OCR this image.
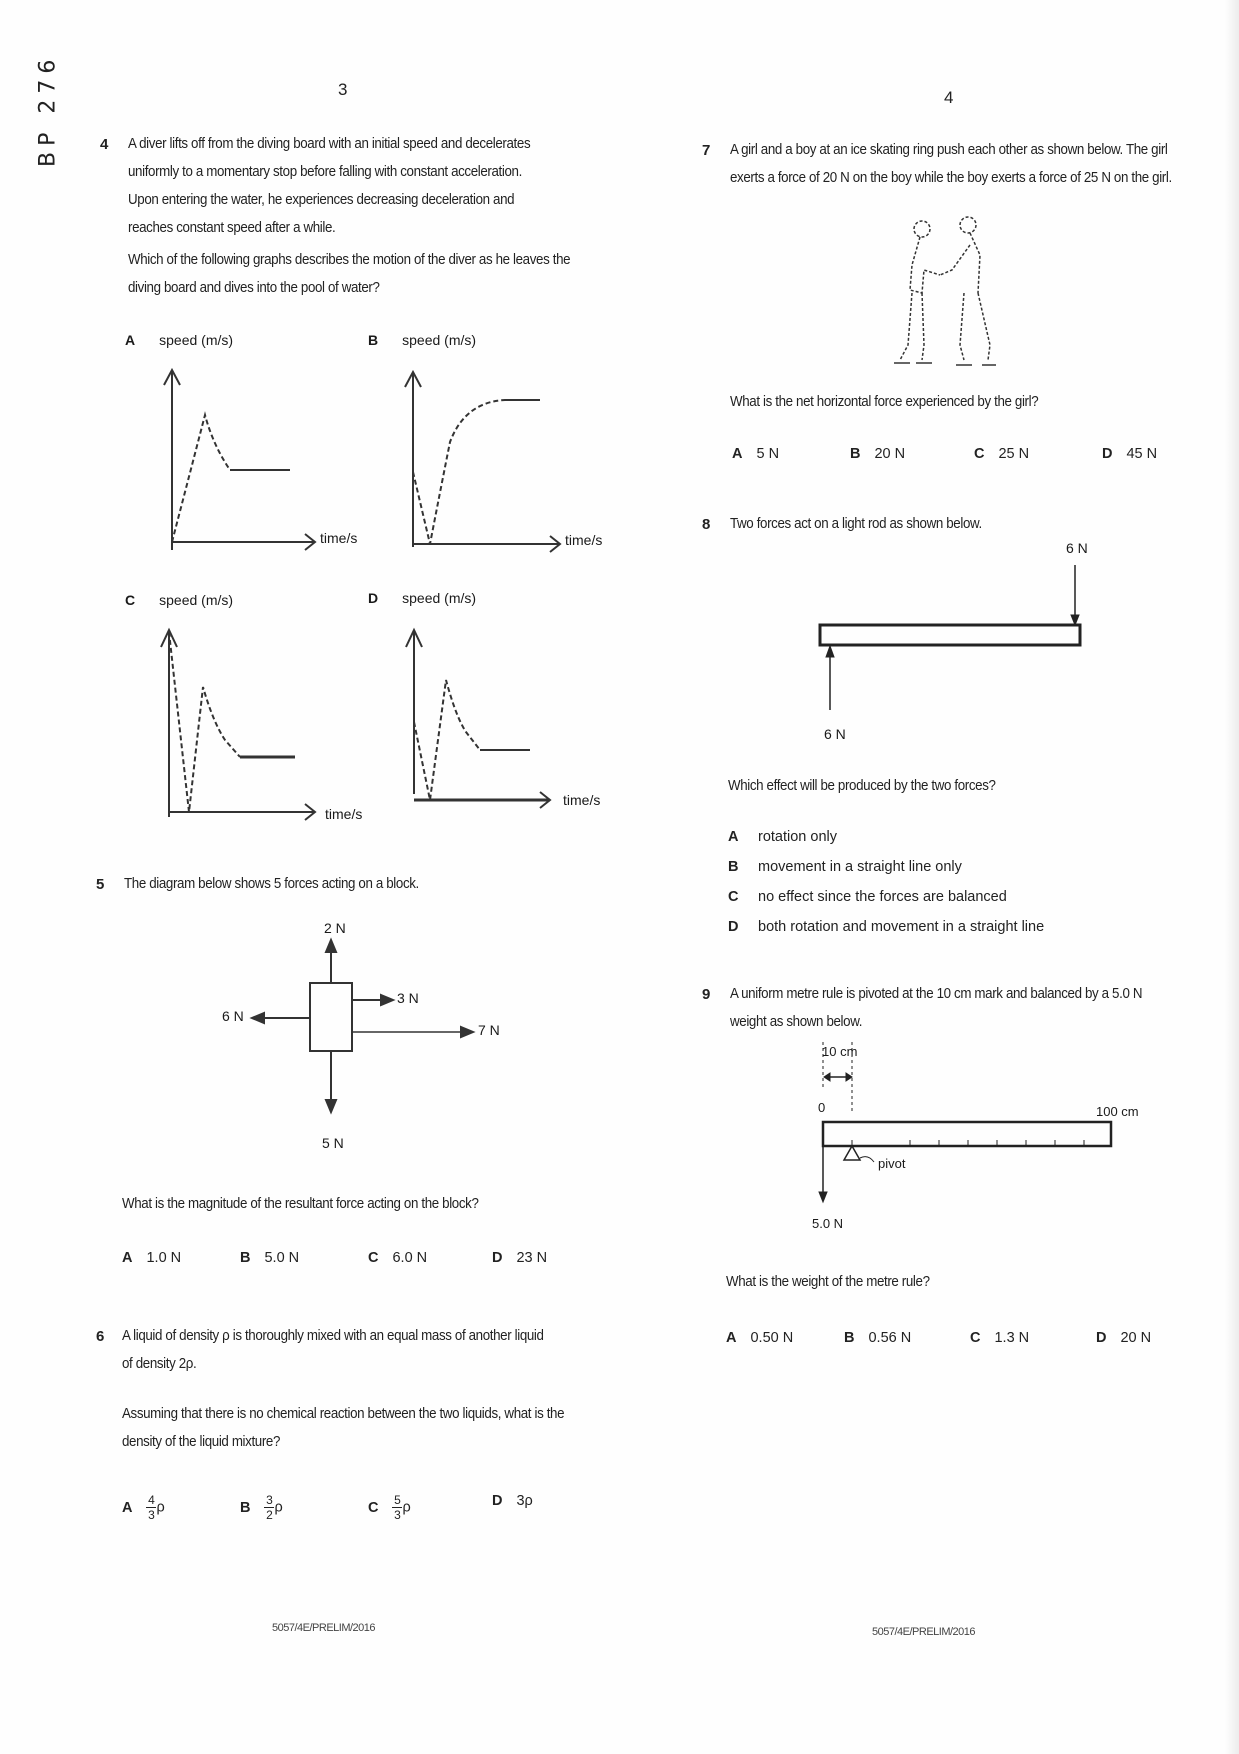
BP 276	3	4
4 A diver lifts off from the diving board with an initial speed and decelerates uniformly to a momentary stop before falling with constant acceleration. Upon entering the water, he experiences decreasing deceleration and reaches constant speed after a while.
Which of the following graphs describes the motion of the diver as he leaves the diving board and dives into the pool of water?
A speed (m/s)
time/s
B speed (m/s)
time/s
C speed (m/s)
time/s
D speed (m/s)
time/s
5 The diagram below shows 5 forces acting on a block.
2 N
5 N
6 N
3 N
7 N
What is the magnitude of the resultant force acting on the block?
A 1.0 N	B 5.0 N	C 6.0 N	D 23 N
6 A liquid of density ρ is thoroughly mixed with an equal mass of another liquid of density 2ρ.
Assuming that there is no chemical reaction between the two liquids, what is the density of the liquid mixture?
A $\frac{4}{3}$ ρ	B $\frac{3}{2}$ ρ	C $\frac{5}{3}$ ρ	D 3ρ
5057/4E/PRELIM/2016
7 A girl and a boy at an ice skating ring push each other as shown below. The girl exerts a force of 20 N on the boy while the boy exerts a force of 25 N on the girl.
What is the net horizontal force experienced by the girl?
A 5 N	B 20 N	C 25 N	D 45 N
8 Two forces act on a light rod as shown below.
6 N
6 N
Which effect will be produced by the two forces?
A	rotation only
B	movement in a straight line only
C	no effect since the forces are balanced
D	both rotation and movement in a straight line
9 A uniform metre rule is pivoted at the 10 cm mark and balanced by a 5.0 N weight as shown below.
10 cm
0	100 cm
pivot
5.0 N
What is the weight of the metre rule?
A 0.50 N	B 0.56 N	C 1.3 N	D 20 N
5057/4E/PRELIM/2016
